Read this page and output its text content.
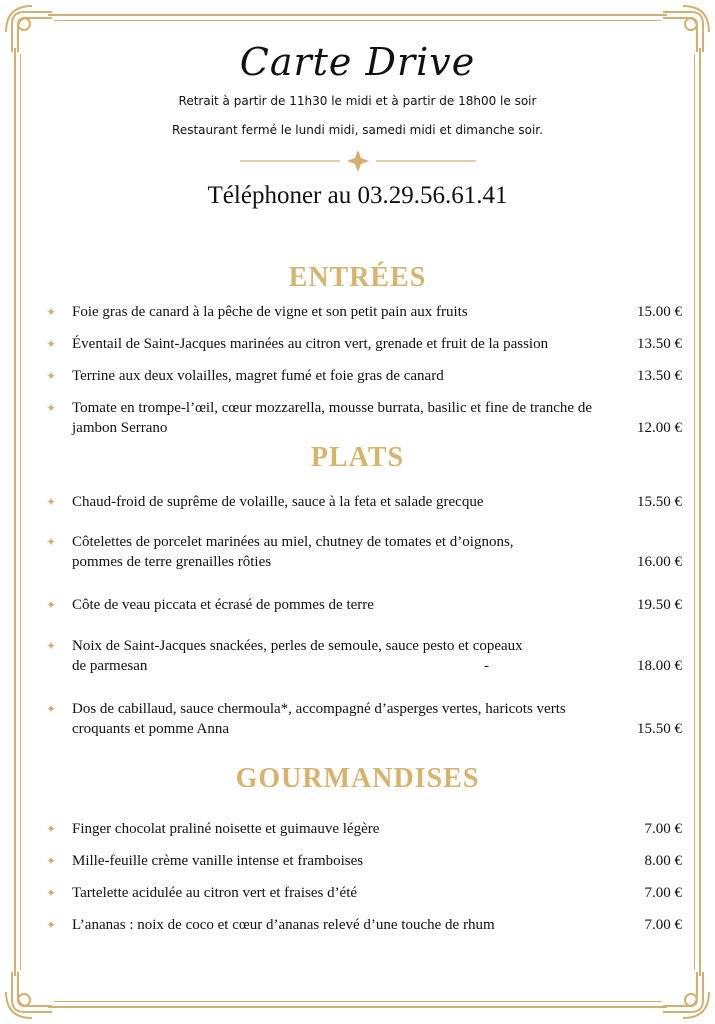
Carte Drive
Retrait à partir de 11h30 le midi et à partir de 18h00 le soir
Restaurant fermé le lundi midi, samedi midi et dimanche soir.
Téléphoner au 03.29.56.61.41
ENTRÉES
✦ Foie gras de canard à la pêche de vigne et son petit pain aux fruits	15.00 €
✦ Éventail de Saint-Jacques marinées au citron vert, grenade et fruit de la passion	13.50 €
✦ Terrine aux deux volailles, magret fumé et foie gras de canard	13.50 €
✦ Tomate en trompe-l’œil, cœur mozzarella, mousse burrata, basilic et fine de tranche de
jambon Serrano	12.00 €
PLATS
✦ Chaud-froid de suprême de volaille, sauce à la feta et salade grecque	15.50 €
✦ Côtelettes de porcelet marinées au miel, chutney de tomates et d’oignons,
pommes de terre grenailles rôties	16.00 €
✦ Côte de veau piccata et écrasé de pommes de terre	19.50 €
✦ Noix de Saint-Jacques snackées, perles de semoule, sauce pesto et copeaux
de parmesan	-	18.00 €
✦ Dos de cabillaud, sauce chermoula*, accompagné d’asperges vertes, haricots verts
croquants et pomme Anna	15.50 €
GOURMANDISES
✦ Finger chocolat praliné noisette et guimauve légère	7.00 €
✦ Mille-feuille crème vanille intense et framboises	8.00 €
✦ Tartelette acidulée au citron vert et fraises d’été	7.00 €
✦ L’ananas : noix de coco et cœur d’ananas relevé d’une touche de rhum	7.00 €
